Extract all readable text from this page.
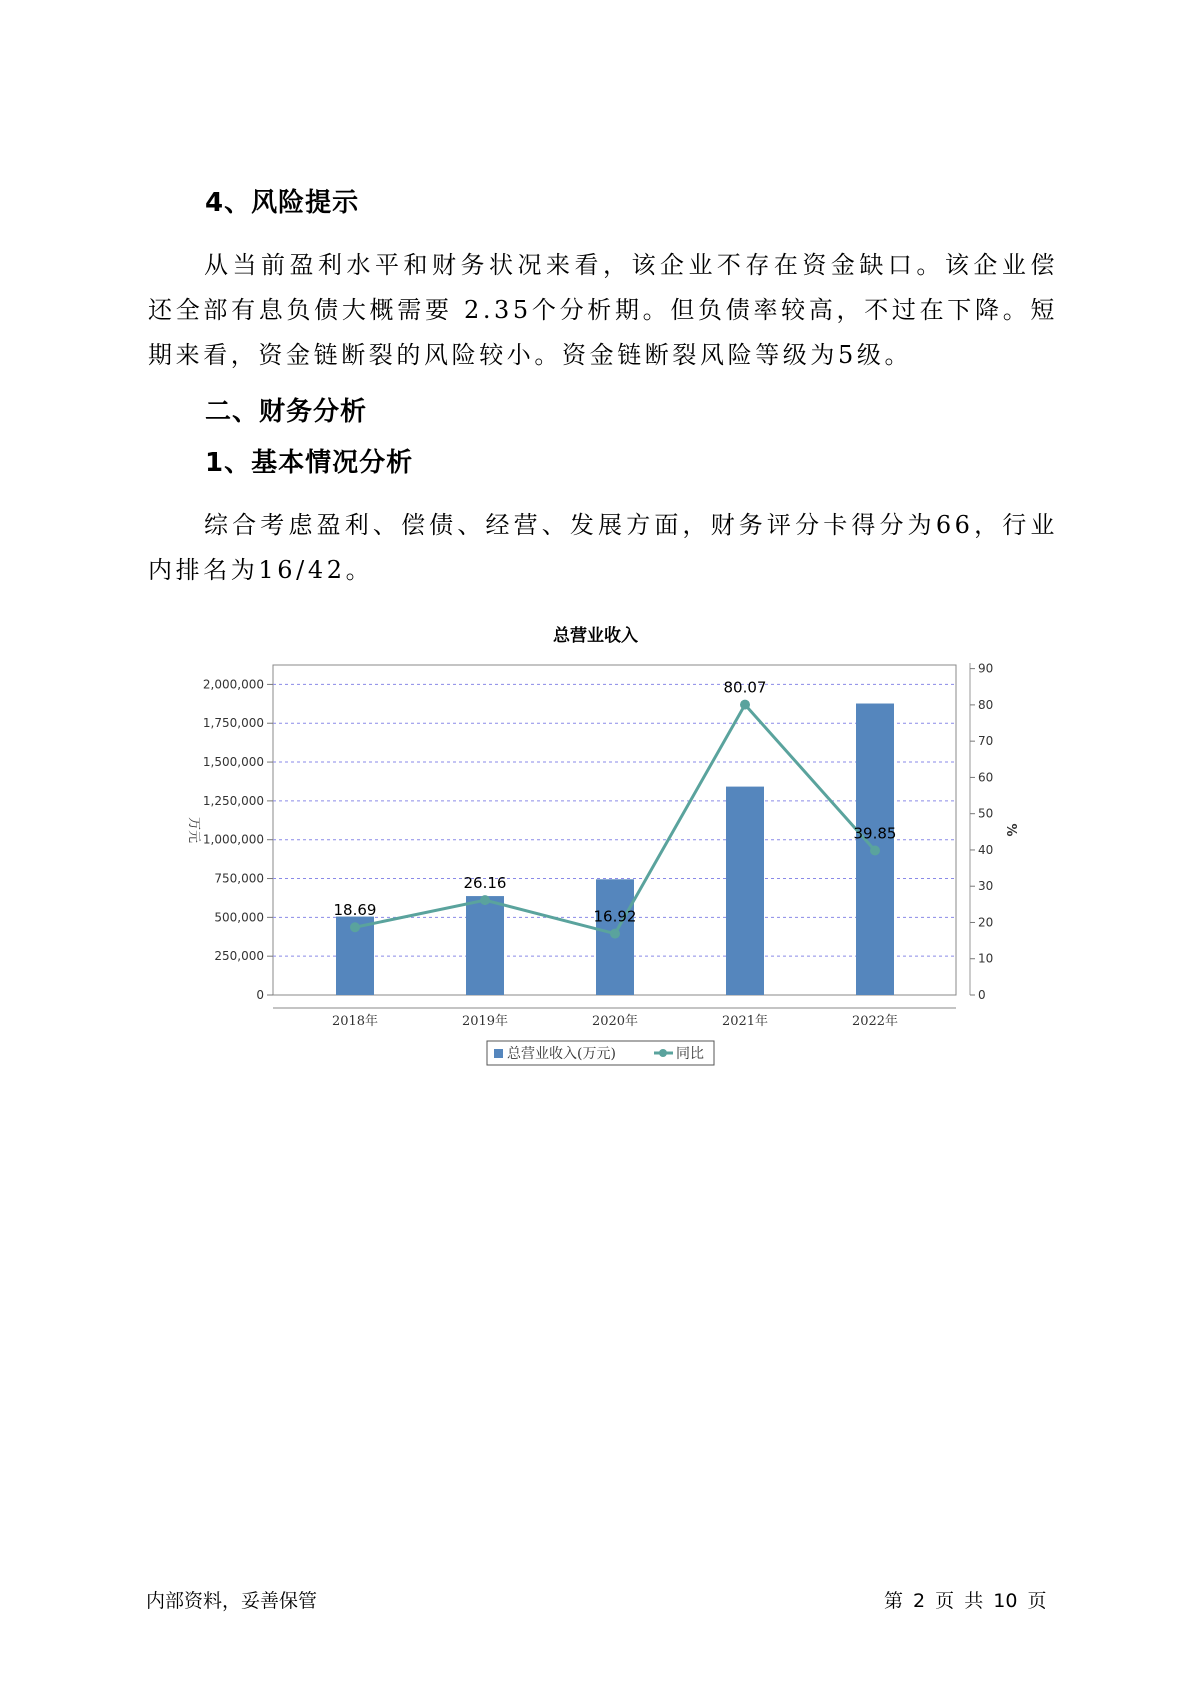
4、风险提示

从当前盈利水平和财务状况来看，该企业不存在资金缺口。该企业偿还全部有息负债大概需要 2.35个分析期。但负债率较高，不过在下降。短期来看，资金链断裂的风险较小。资金链断裂风险等级为5级。

二、财务分析

1、基本情况分析

综合考虑盈利、偿债、经营、发展方面，财务评分卡得分为66，行业内排名为16/42。

总营业收入
0
250,000
500,000
750,000
1,000,000
1,250,000
1,500,000
1,750,000
2,000,000
0
10
20
30
40
50
60
70
80
90
万元	%
2018年	2019年	2020年	2021年	2022年
18.69
26.16
16.92
80.07
39.85
总营业收入(万元)	同比
内部资料，妥善保管	第 2 页 共 10 页
